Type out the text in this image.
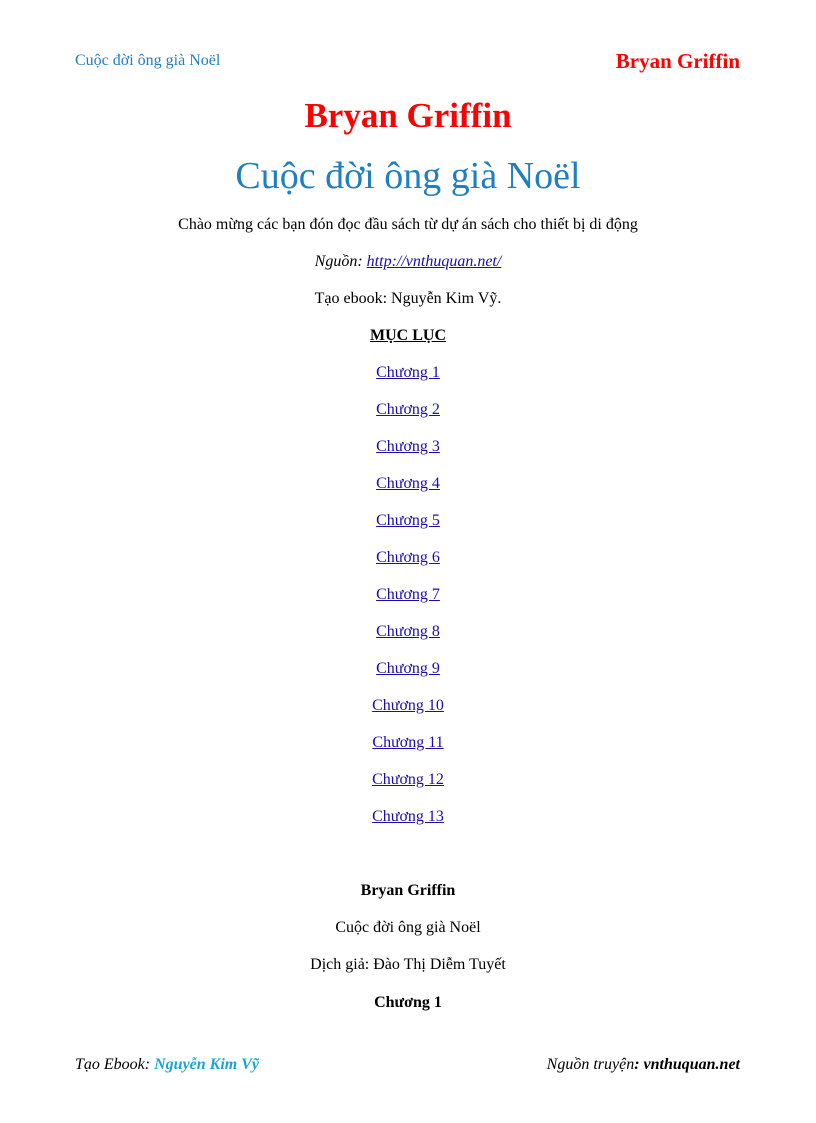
Cuộc đời ông già Noël	Bryan Griffin
Bryan Griffin
Cuộc đời ông già Noël
Chào mừng các bạn đón đọc đầu sách từ dự án sách cho thiết bị di động
Nguồn: http://vnthuquan.net/
Tạo ebook: Nguyễn Kim Vỹ.
MỤC LỤC
Chương 1
Chương 2
Chương 3
Chương 4
Chương 5
Chương 6
Chương 7
Chương 8
Chương 9
Chương 10
Chương 11
Chương 12
Chương 13
Bryan Griffin
Cuộc đời ông già Noël
Dịch giả: Đào Thị Diễm Tuyết
Chương 1
Tạo Ebook: Nguyễn Kim Vỹ	Nguồn truyện: vnthuquan.net
